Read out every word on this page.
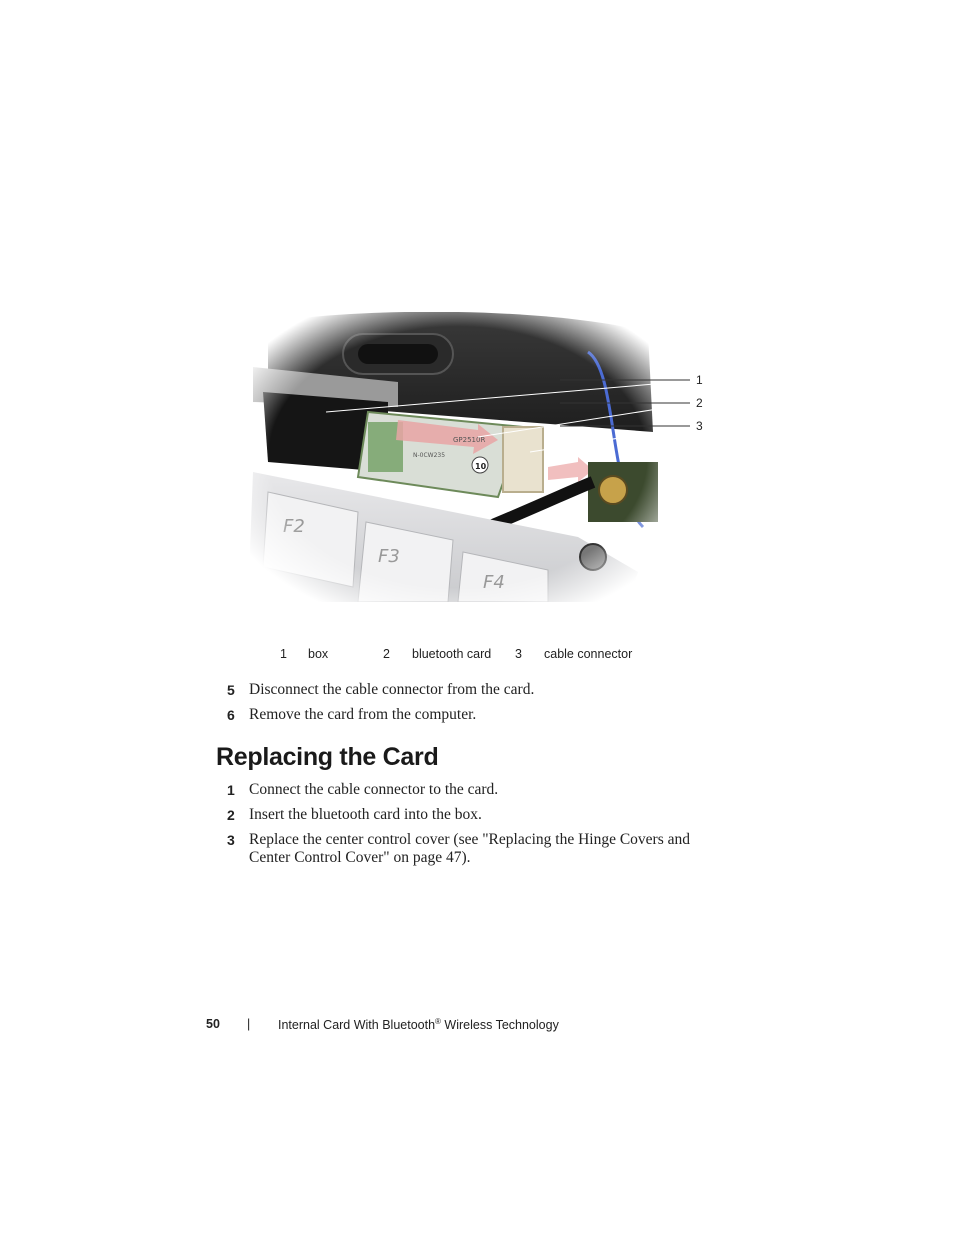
1
2
3
1 box	2 bluetooth card 3 cable connector
5 Disconnect the cable connector from the card.
6 Remove the card from the computer.
Replacing the Card
1 Connect the cable connector to the card.
2 Insert the bluetooth card into the box.
3 Replace the center control cover (see "Replacing the Hinge Covers and
Center Control Cover" on page 47).
50 | Internal Card With Bluetooth® Wireless Technology
